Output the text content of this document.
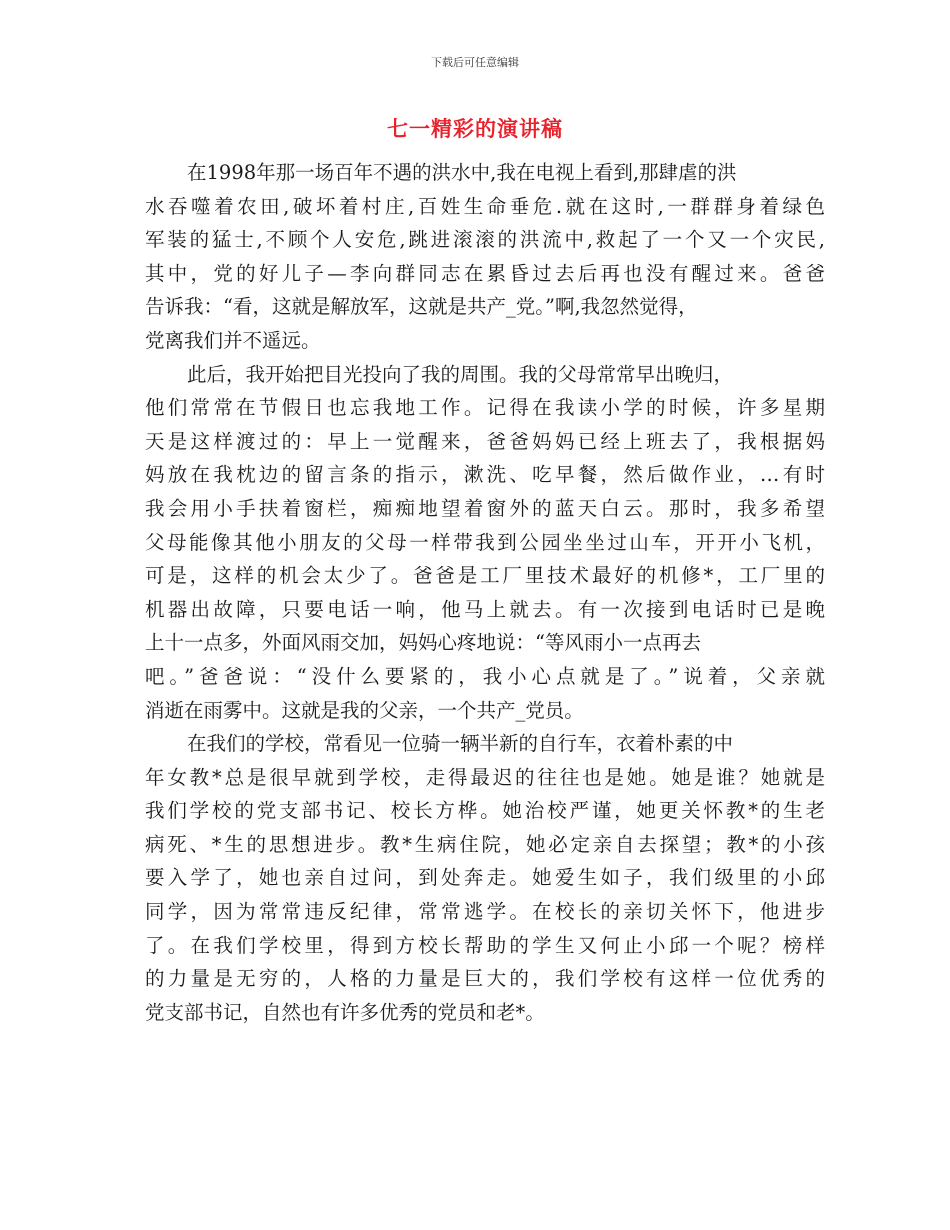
下载后可任意编辑
七一精彩的演讲稿
在1998年那一场百年不遇的洪水中,我在电视上看到,那肆虐的洪
水吞噬着农田,破坏着村庄,百姓生命垂危.就在这时,一群群身着绿色
军装的猛士,不顾个人安危,跳进滚滚的洪流中,救起了一个又一个灾民,
其中，党的好儿子—李向群同志在累昏过去后再也没有醒过来。爸爸
告诉我：“看，这就是解放军，这就是共产_党。”啊,我忽然觉得，
党离我们并不遥远。
此后，我开始把目光投向了我的周围。我的父母常常早出晚归，
他们常常在节假日也忘我地工作。记得在我读小学的时候，许多星期
天是这样渡过的：早上一觉醒来，爸爸妈妈已经上班去了，我根据妈
妈放在我枕边的留言条的指示，漱洗、吃早餐，然后做作业，…有时
我会用小手扶着窗栏，痴痴地望着窗外的蓝天白云。那时，我多希望
父母能像其他小朋友的父母一样带我到公园坐坐过山车，开开小飞机，
可是，这样的机会太少了。爸爸是工厂里技术最好的机修*，工厂里的
机器出故障，只要电话一响，他马上就去。有一次接到电话时已是晚
上十一点多，外面风雨交加，妈妈心疼地说：“等风雨小一点再去
吧。”爸爸说：“没什么要紧的，我小心点就是了。”说着，父亲就
消逝在雨雾中。这就是我的父亲，一个共产_党员。
在我们的学校，常看见一位骑一辆半新的自行车，衣着朴素的中
年女教*总是很早就到学校，走得最迟的往往也是她。她是谁？她就是
我们学校的党支部书记、校长方桦。她治校严谨，她更关怀教*的生老
病死、*生的思想进步。教*生病住院，她必定亲自去探望；教*的小孩
要入学了，她也亲自过问，到处奔走。她爱生如子，我们级里的小邱
同学，因为常常违反纪律，常常逃学。在校长的亲切关怀下，他进步
了。在我们学校里，得到方校长帮助的学生又何止小邱一个呢？榜样
的力量是无穷的，人格的力量是巨大的，我们学校有这样一位优秀的
党支部书记，自然也有许多优秀的党员和老*。
